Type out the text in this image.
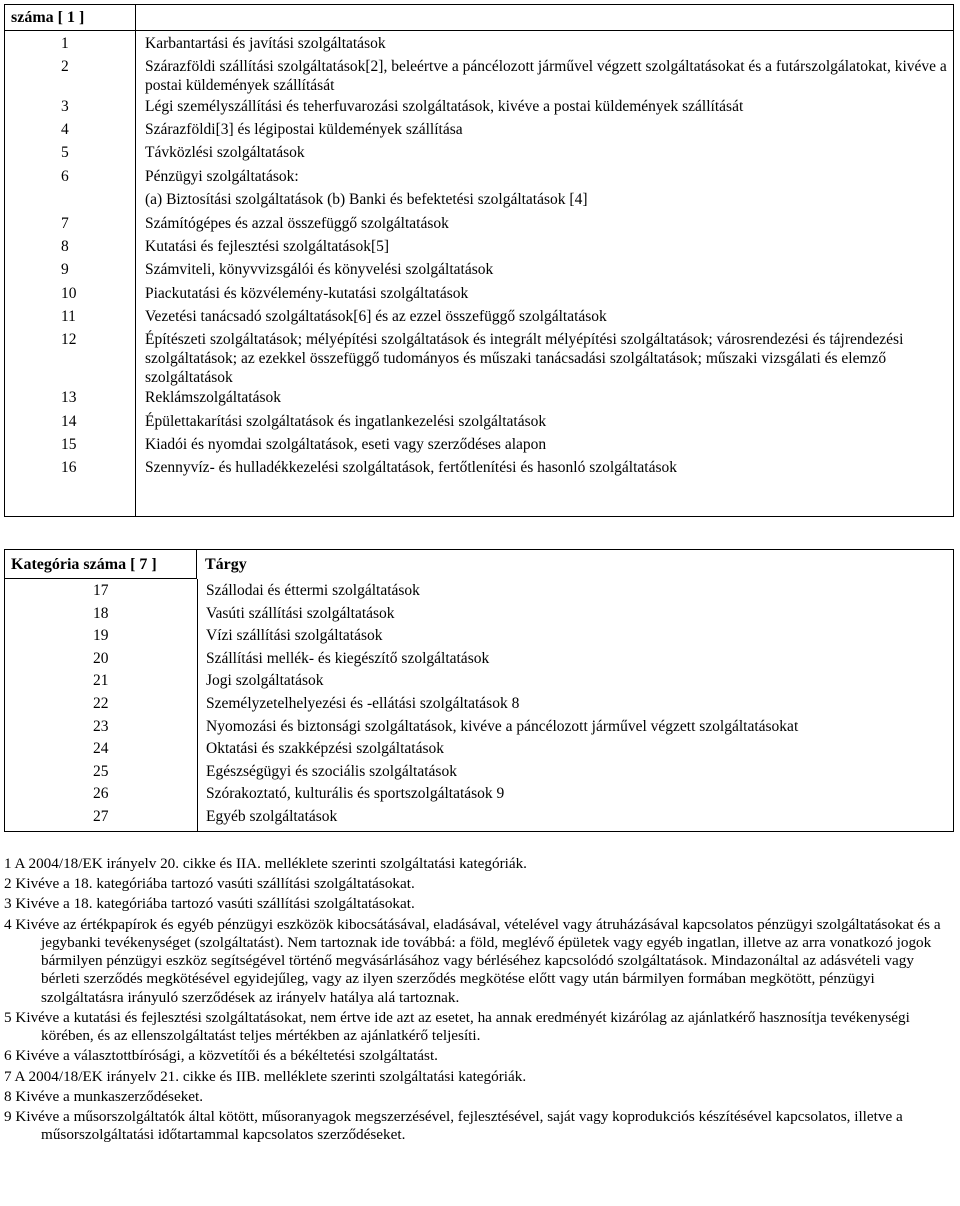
száma [ 1 ]
1	Karbantartási és javítási szolgáltatások
2	Szárazföldi szállítási szolgáltatások[2], beleértve a páncélozott járművel végzett szolgáltatásokat és a futárszolgálatokat, kivéve a postai küldemények szállítását
3	Légi személyszállítási és teherfuvarozási szolgáltatások, kivéve a postai küldemények szállítását
4	Szárazföldi[3] és légipostai küldemények szállítása
5	Távközlési szolgáltatások
6	Pénzügyi szolgáltatások:
(a) Biztosítási szolgáltatások (b) Banki és befektetési szolgáltatások [4]
7	Számítógépes és azzal összefüggő szolgáltatások
8	Kutatási és fejlesztési szolgáltatások[5]
9	Számviteli, könyvvizsgálói és könyvelési szolgáltatások
10	Piackutatási és közvélemény-kutatási szolgáltatások
11	Vezetési tanácsadó szolgáltatások[6] és az ezzel összefüggő szolgáltatások
12	Építészeti szolgáltatások; mélyépítési szolgáltatások és integrált mélyépítési szolgáltatások; városrendezési és tájrendezési szolgáltatások; az ezekkel összefüggő tudományos és műszaki tanácsadási szolgáltatások; műszaki vizsgálati és elemző szolgáltatások
13	Reklámszolgáltatások
14	Épülettakarítási szolgáltatások és ingatlankezelési szolgáltatások
15	Kiadói és nyomdai szolgáltatások, eseti vagy szerződéses alapon
16	Szennyvíz- és hulladékkezelési szolgáltatások, fertőtlenítési és hasonló szolgáltatások
Kategória száma [ 7 ]	Tárgy
17	Szállodai és éttermi szolgáltatások
18	Vasúti szállítási szolgáltatások
19	Vízi szállítási szolgáltatások
20	Szállítási mellék- és kiegészítő szolgáltatások
21	Jogi szolgáltatások
22	Személyzetelhelyezési és -ellátási szolgáltatások 8
23	Nyomozási és biztonsági szolgáltatások, kivéve a páncélozott járművel végzett szolgáltatásokat
24	Oktatási és szakképzési szolgáltatások
25	Egészségügyi és szociális szolgáltatások
26	Szórakoztató, kulturális és sportszolgáltatások 9
27	Egyéb szolgáltatások
1 A 2004/18/EK irányelv 20. cikke és IIA. melléklete szerinti szolgáltatási kategóriák.
2 Kivéve a 18. kategóriába tartozó vasúti szállítási szolgáltatásokat.
3 Kivéve a 18. kategóriába tartozó vasúti szállítási szolgáltatásokat.
4 Kivéve az értékpapírok és egyéb pénzügyi eszközök kibocsátásával, eladásával, vételével vagy átruházásával kapcsolatos pénzügyi szolgáltatásokat és a jegybanki tevékenységet (szolgáltatást). Nem tartoznak ide továbbá: a föld, meglévő épületek vagy egyéb ingatlan, illetve az arra vonatkozó jogok bármilyen pénzügyi eszköz segítségével történő megvásárlásához vagy bérléséhez kapcsolódó szolgáltatások. Mindazonáltal az adásvételi vagy bérleti szerződés megkötésével egyidejűleg, vagy az ilyen szerződés megkötése előtt vagy után bármilyen formában megkötött, pénzügyi szolgáltatásra irányuló szerződések az irányelv hatálya alá tartoznak.
5 Kivéve a kutatási és fejlesztési szolgáltatásokat, nem értve ide azt az esetet, ha annak eredményét kizárólag az ajánlatkérő hasznosítja tevékenységi körében, és az ellenszolgáltatást teljes mértékben az ajánlatkérő teljesíti.
6 Kivéve a választottbírósági, a közvetítői és a békéltetési szolgáltatást.
7 A 2004/18/EK irányelv 21. cikke és IIB. melléklete szerinti szolgáltatási kategóriák.
8 Kivéve a munkaszerződéseket.
9 Kivéve a műsorszolgáltatók által kötött, műsoranyagok megszerzésével, fejlesztésével, saját vagy koprodukciós készítésével kapcsolatos, illetve a műsorszolgáltatási időtartammal kapcsolatos szerződéseket.
